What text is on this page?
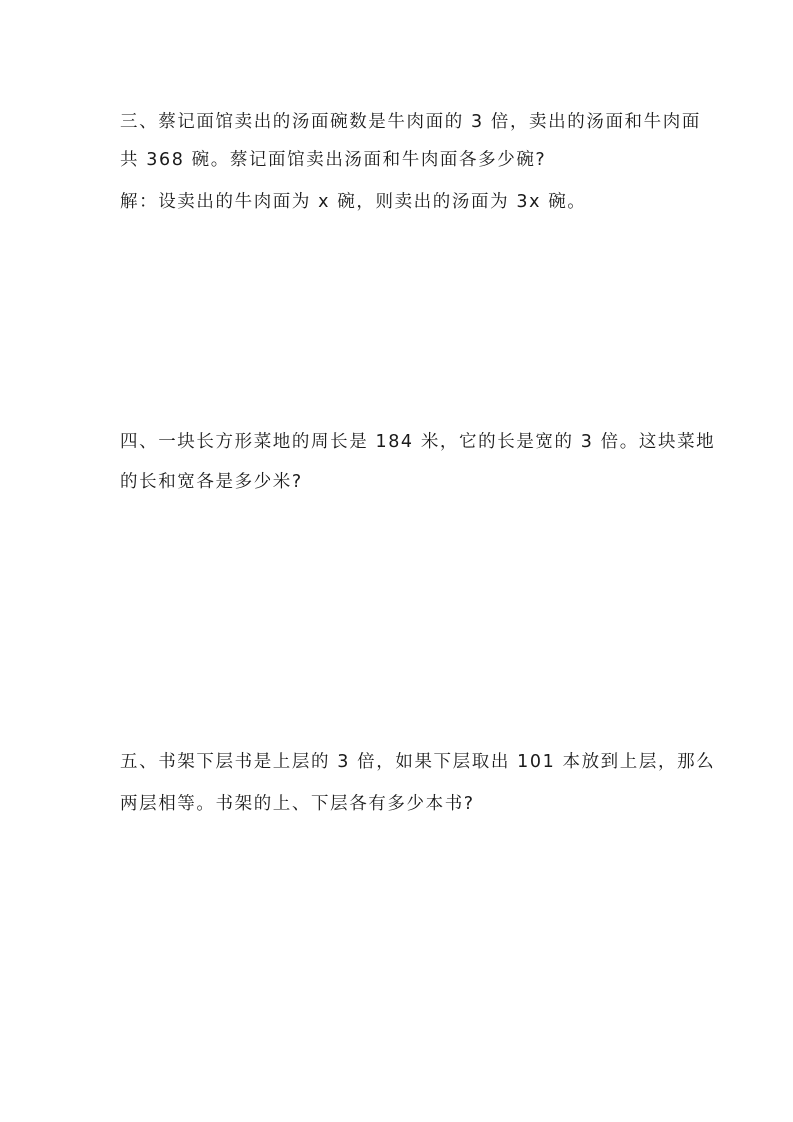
三、蔡记面馆卖出的汤面碗数是牛肉面的 3 倍，卖出的汤面和牛肉面
共 368 碗。蔡记面馆卖出汤面和牛肉面各多少碗?
解：设卖出的牛肉面为 x 碗，则卖出的汤面为 3x 碗。
四、一块长方形菜地的周长是 184 米，它的长是宽的 3 倍。这块菜地
的长和宽各是多少米?
五、书架下层书是上层的 3 倍，如果下层取出 101 本放到上层，那么
两层相等。书架的上、下层各有多少本书?
